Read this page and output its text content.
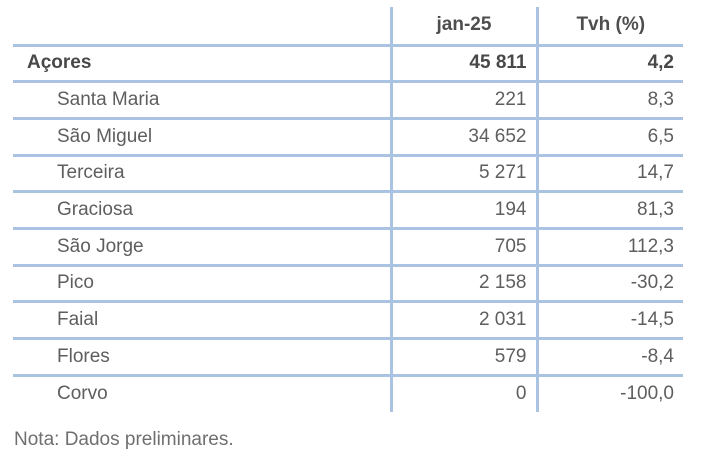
	jan-25	Tvh (%)
Açores	45 811	4,2
Santa Maria	221	8,3
São Miguel	34 652	6,5
Terceira	5 271	14,7
Graciosa	194	81,3
São Jorge	705	112,3
Pico	2 158	-30,2
Faial	2 031	-14,5
Flores	579	-8,4
Corvo	0	-100,0
Nota: Dados preliminares.
